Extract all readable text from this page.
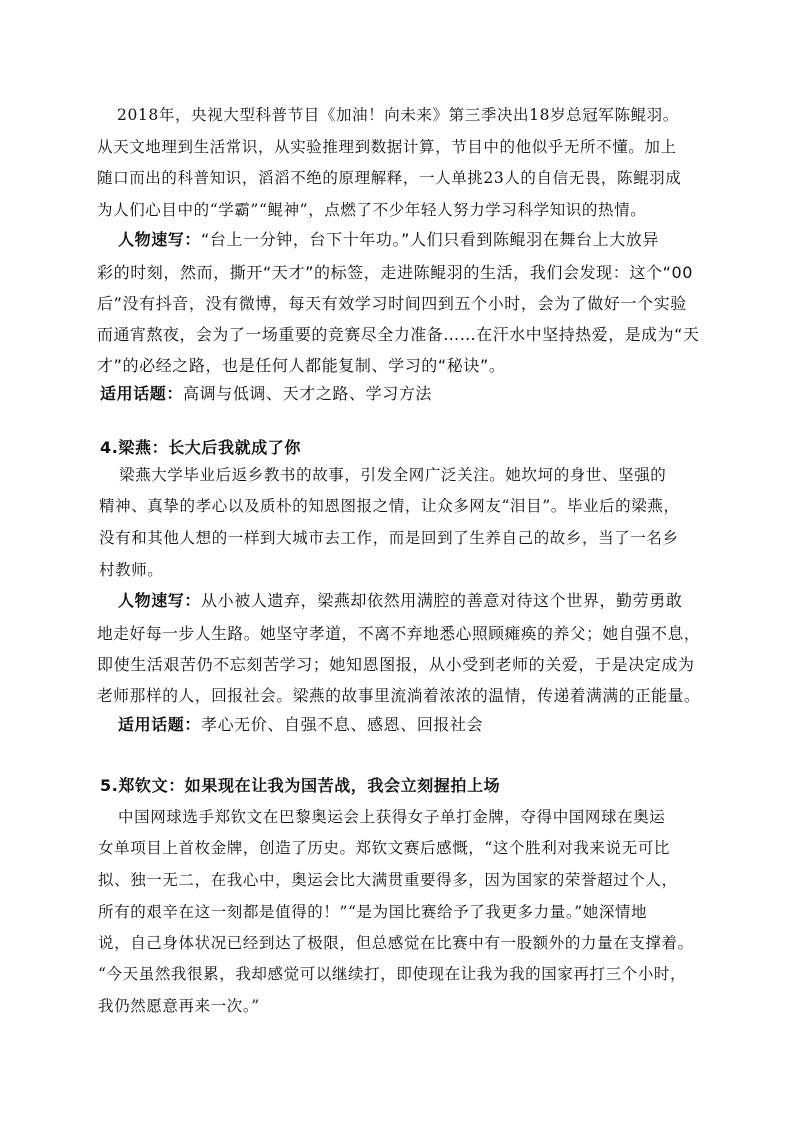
2018年，央视大型科普节目《加油！向未来》第三季决出18岁总冠军陈鲲羽。
从天文地理到生活常识，从实验推理到数据计算，节目中的他似乎无所不懂。加上
随口而出的科普知识，滔滔不绝的原理解释，一人单挑23人的自信无畏，陈鲲羽成
为人们心目中的“学霸”“鲲神”，点燃了不少年轻人努力学习科学知识的热情。
人物速写：“台上一分钟，台下十年功。”人们只看到陈鲲羽在舞台上大放异
彩的时刻，然而，撕开“天才”的标签，走进陈鲲羽的生活，我们会发现：这个“00
后”没有抖音，没有微博，每天有效学习时间四到五个小时，会为了做好一个实验
而通宵熬夜，会为了一场重要的竞赛尽全力准备……在汗水中坚持热爱，是成为“天
才”的必经之路，也是任何人都能复制、学习的“秘诀”。
适用话题：高调与低调、天才之路、学习方法
4.梁燕：长大后我就成了你
梁燕大学毕业后返乡教书的故事，引发全网广泛关注。她坎坷的身世、坚强的
精神、真挚的孝心以及质朴的知恩图报之情，让众多网友“泪目”。毕业后的梁燕，
没有和其他人想的一样到大城市去工作，而是回到了生养自己的故乡，当了一名乡
村教师。
人物速写：从小被人遗弃，梁燕却依然用满腔的善意对待这个世界，勤劳勇敢
地走好每一步人生路。她坚守孝道，不离不弃地悉心照顾瘫痪的养父；她自强不息，
即使生活艰苦仍不忘刻苦学习；她知恩图报，从小受到老师的关爱，于是决定成为
老师那样的人，回报社会。梁燕的故事里流淌着浓浓的温情，传递着满满的正能量。
适用话题：孝心无价、自强不息、感恩、回报社会
5.郑钦文：如果现在让我为国苦战，我会立刻握拍上场
中国网球选手郑钦文在巴黎奥运会上获得女子单打金牌，夺得中国网球在奥运
女单项目上首枚金牌，创造了历史。郑钦文赛后感慨，“这个胜利对我来说无可比
拟、独一无二，在我心中，奥运会比大满贯重要得多，因为国家的荣誉超过个人，
所有的艰辛在这一刻都是值得的！”“是为国比赛给予了我更多力量。”她深情地
说，自己身体状况已经到达了极限，但总感觉在比赛中有一股额外的力量在支撑着。
“今天虽然我很累，我却感觉可以继续打，即使现在让我为我的国家再打三个小时，
我仍然愿意再来一次。”
